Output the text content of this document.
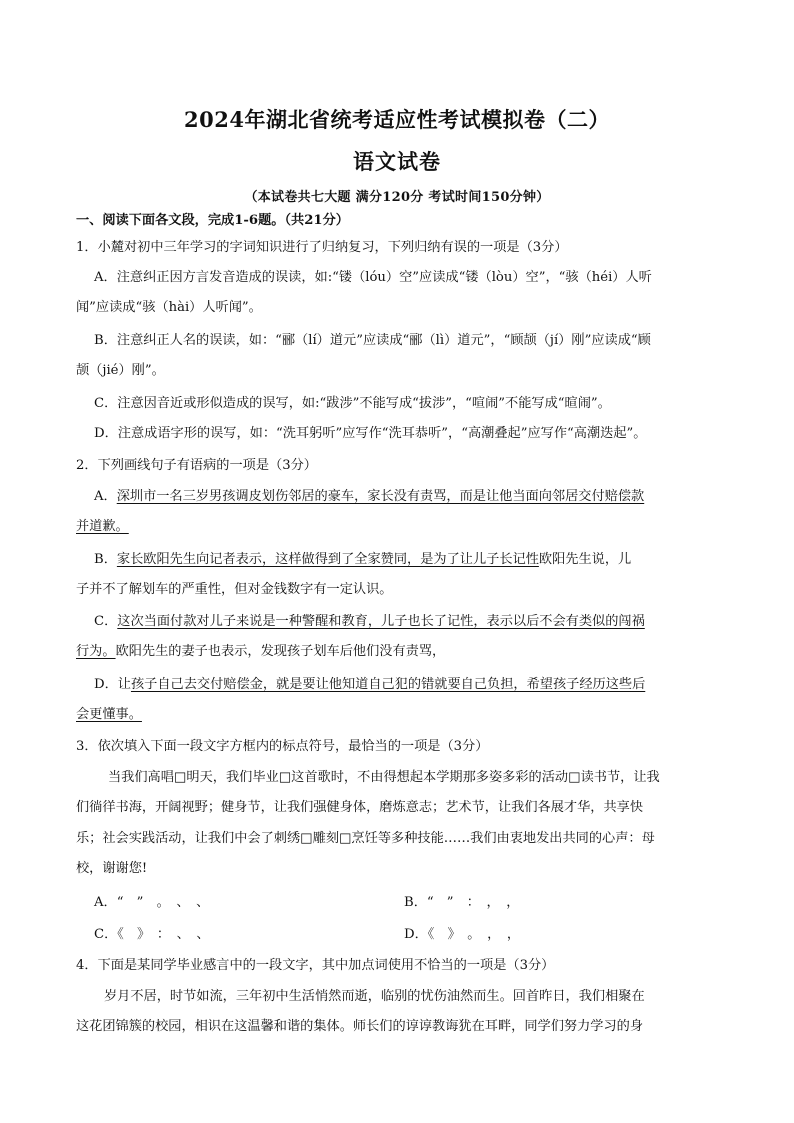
2024年湖北省统考适应性考试模拟卷（二）
语文试卷
（本试卷共七大题 满分120分 考试时间150分钟）
一、阅读下面各文段，完成1-6题。（共21分）
1．小麓对初中三年学习的字词知识进行了归纳复习，下列归纳有误的一项是（3分）
A．注意纠正因方言发音造成的误读，如:“镂（lóu）空”应读成“镂（lòu）空”，“骇（héi）人听
闻”应读成“骇（hài）人听闻”。
B．注意纠正人名的误读，如：“郦（lí）道元”应读成“郦（lì）道元”，“顾颉（jí）刚”应读成“顾
颉（jié）刚”。
C．注意因音近或形似造成的误写，如:“跋涉”不能写成“拔涉”，“喧闹”不能写成“暄闹”。
D．注意成语字形的误写，如：“洗耳躬听”应写作“洗耳恭听”，“高潮叠起”应写作“高潮迭起”。
2．下列画线句子有语病的一项是（3分）
A．深圳市一名三岁男孩调皮划伤邻居的豪车，家长没有责骂，而是让他当面向邻居交付赔偿款
并道歉。
B．家长欧阳先生向记者表示，这样做得到了全家赞同，是为了让儿子长记性欧阳先生说，儿
子并不了解划车的严重性，但对金钱数字有一定认识。
C．这次当面付款对儿子来说是一种警醒和教育，儿子也长了记性，表示以后不会有类似的闯祸
行为。欧阳先生的妻子也表示，发现孩子划车后他们没有责骂，
D．让孩子自己去交付赔偿金，就是要让他知道自己犯的错就要自己负担，希望孩子经历这些后
会更懂事。
3．依次填入下面一段文字方框内的标点符号，最恰当的一项是（3分）
当我们高唱□明天，我们毕业□这首歌时，不由得想起本学期那多姿多彩的活动□读书节，让我
们徜徉书海，开阔视野；健身节，让我们强健身体，磨炼意志；艺术节，让我们各展才华，共享快
乐；社会实践活动，让我们中会了刺绣□雕刻□烹饪等多种技能……我们由衷地发出共同的心声：母
校，谢谢您!
A．“　”　。　、　、	B．“　”　：　，　，
C．《　》　：　、　、	D．《　》　。　，　，
4．下面是某同学毕业感言中的一段文字，其中加点词使用不恰当的一项是（3分）
岁月不居，时节如流，三年初中生活悄然而逝，临别的忧伤油然而生。回首昨日，我们相聚在
这花团锦簇的校园，相识在这温馨和谐的集体。师长们的谆谆教诲犹在耳畔，同学们努力学习的身
